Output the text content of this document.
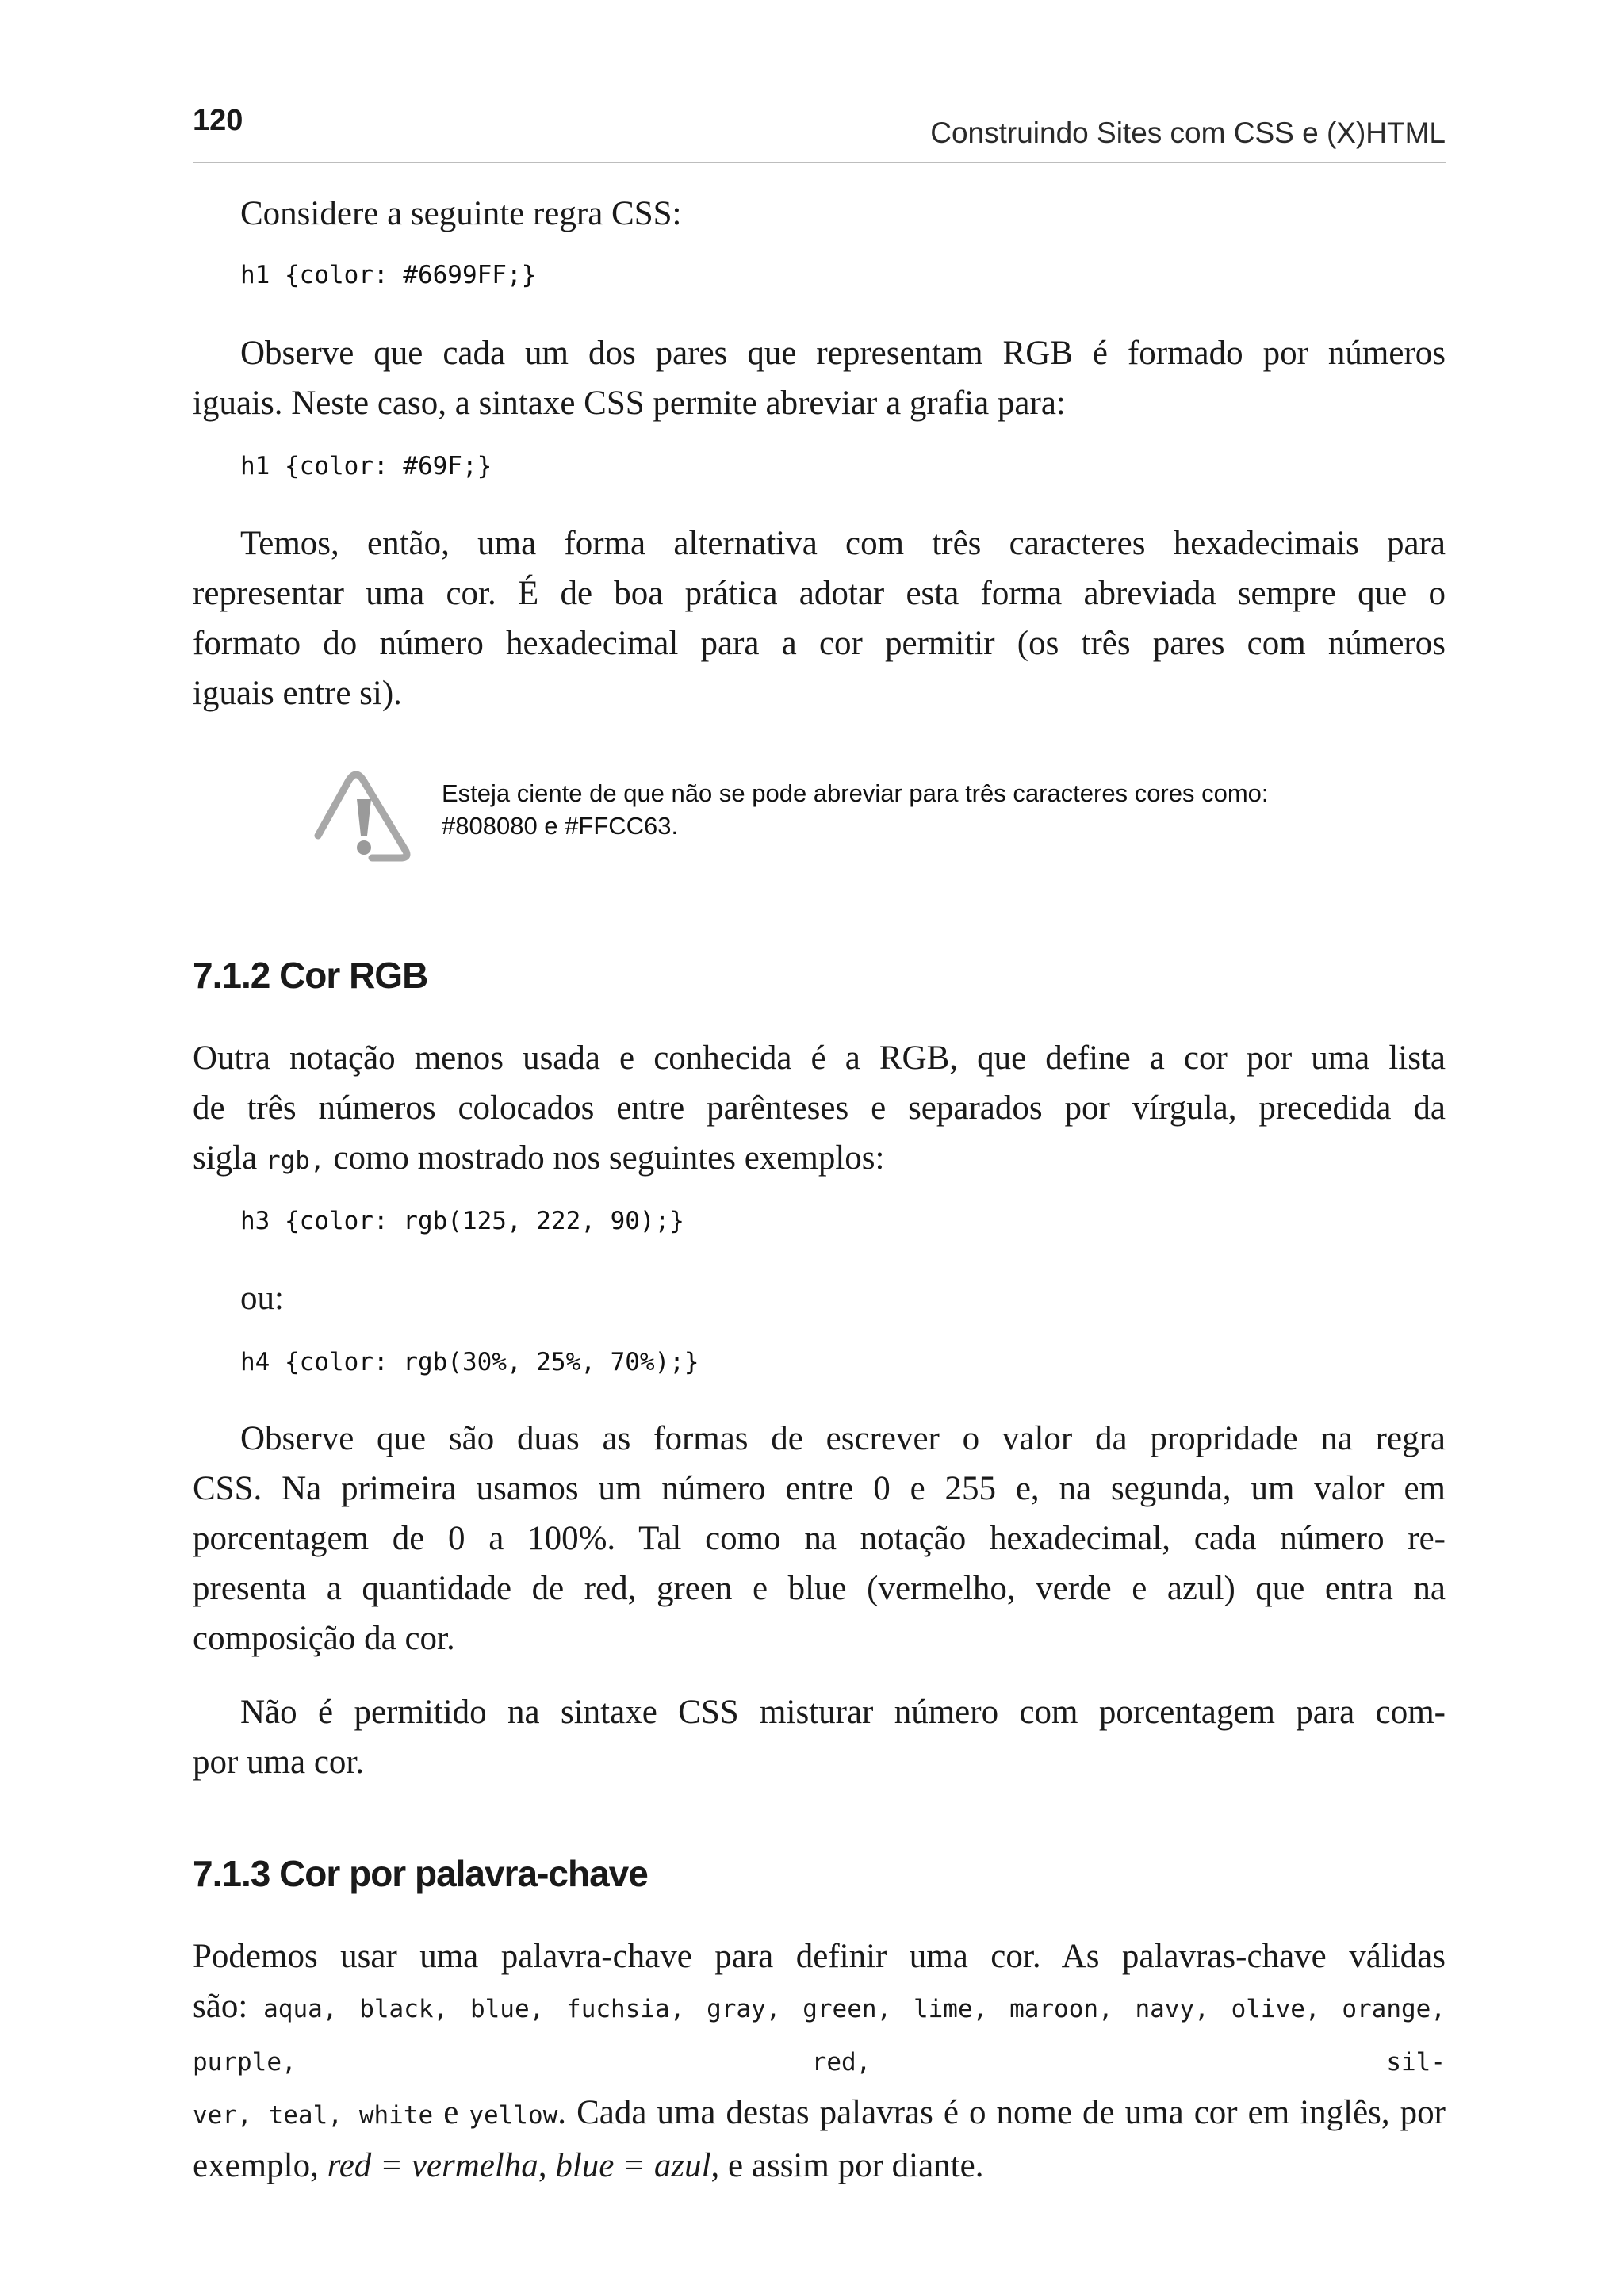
120	Construindo Sites com CSS e (X)HTML

Considere a seguinte regra CSS:

h1 {color: #6699FF;}

Observe que cada um dos pares que representam RGB é formado por números
iguais. Neste caso, a sintaxe CSS permite abreviar a grafia para:

h1 {color: #69F;}
Temos, então, uma forma alternativa com três caracteres hexadecimais para
representar uma cor. É de boa prática adotar esta forma abreviada sempre que o
formato do número hexadecimal para a cor permitir (os três pares com números
iguais entre si).
Esteja ciente de que não se pode abreviar para três caracteres cores como:
#808080 e #FFCC63.
7.1.2 Cor RGB
Outra notação menos usada e conhecida é a RGB, que define a cor por uma lista
de três números colocados entre parênteses e separados por vírgula, precedida da
sigla rgb, como mostrado nos seguintes exemplos:
h3 {color: rgb(125, 222, 90);}

ou:

h4 {color: rgb(30%, 25%, 70%);}
Observe que são duas as formas de escrever o valor da propridade na regra
CSS. Na primeira usamos um número entre 0 e 255 e, na segunda, um valor em
porcentagem de 0 a 100%. Tal como na notação hexadecimal, cada número re-
presenta a quantidade de red, green e blue (vermelho, verde e azul) que entra na
composição da cor.
Não é permitido na sintaxe CSS misturar número com porcentagem para com-
por uma cor.
7.1.3 Cor por palavra-chave
Podemos usar uma palavra-chave para definir uma cor. As palavras-chave válidas
são: aqua, black, blue, fuchsia, gray, green, lime, maroon, navy, olive, orange, purple, red, sil-
ver, teal, white e yellow. Cada uma destas palavras é o nome de uma cor em inglês, por
exemplo, red = vermelha, blue = azul, e assim por diante.
